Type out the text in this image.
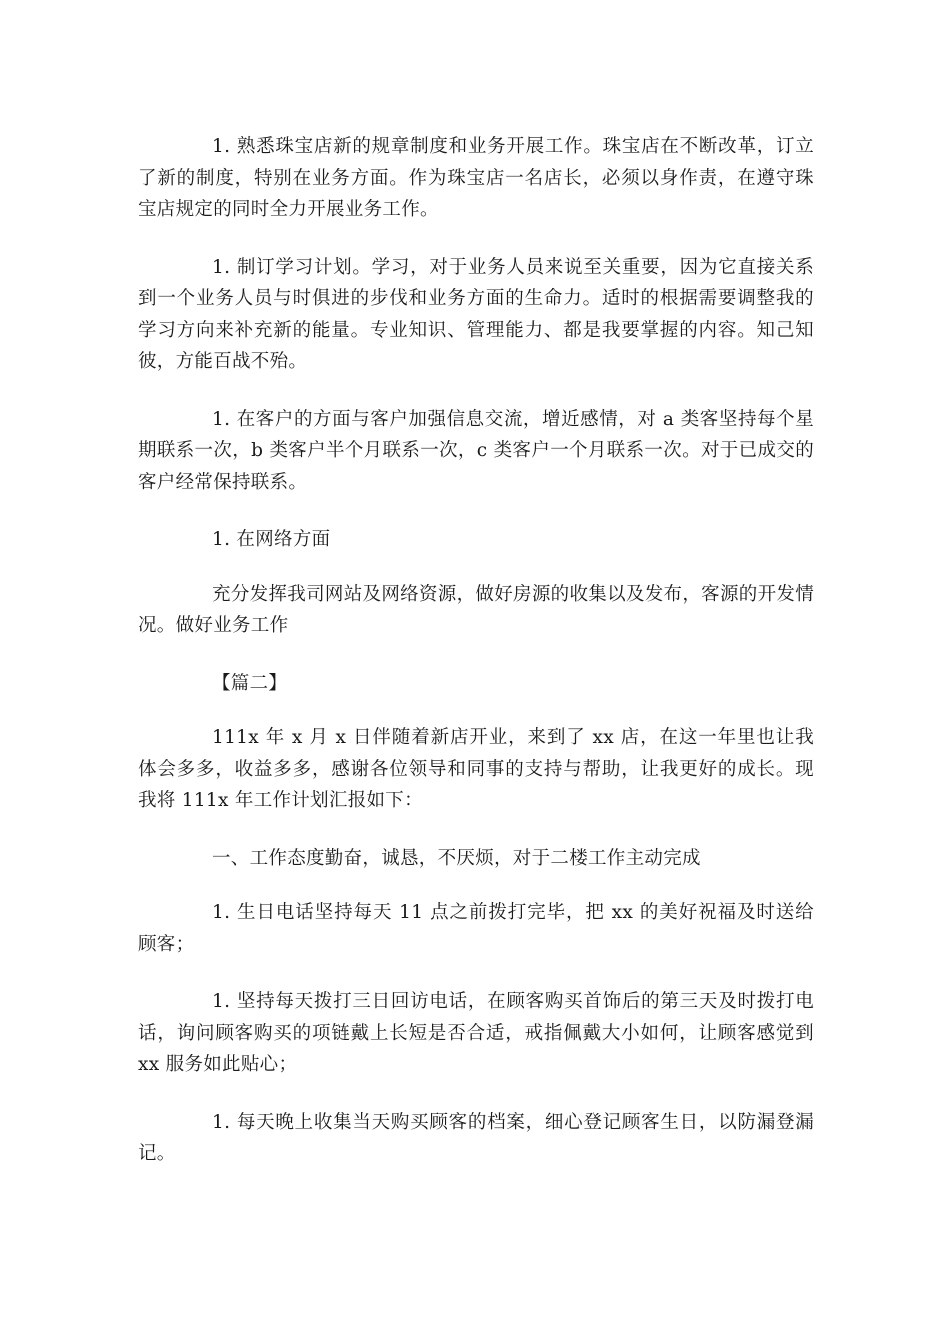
1. 熟悉珠宝店新的规章制度和业务开展工作。珠宝店在不断改革，订立了新的制度，特别在业务方面。作为珠宝店一名店长，必须以身作责，在遵守珠宝店规定的同时全力开展业务工作。

1. 制订学习计划。学习，对于业务人员来说至关重要，因为它直接关系到一个业务人员与时俱进的步伐和业务方面的生命力。适时的根据需要调整我的学习方向来补充新的能量。专业知识、管理能力、都是我要掌握的内容。知己知彼，方能百战不殆。

1. 在客户的方面与客户加强信息交流，增近感情，对 a 类客坚持每个星期联系一次，b 类客户半个月联系一次，c 类客户一个月联系一次。对于已成交的客户经常保持联系。

1. 在网络方面

充分发挥我司网站及网络资源，做好房源的收集以及发布，客源的开发情况。做好业务工作

【篇二】

111x 年 x 月 x 日伴随着新店开业，来到了 xx 店，在这一年里也让我体会多多，收益多多，感谢各位领导和同事的支持与帮助，让我更好的成长。现我将 111x 年工作计划汇报如下：

一、工作态度勤奋，诚恳，不厌烦，对于二楼工作主动完成

1. 生日电话坚持每天 11 点之前拨打完毕，把 xx 的美好祝福及时送给顾客；

1. 坚持每天拨打三日回访电话，在顾客购买首饰后的第三天及时拨打电话，询问顾客购买的项链戴上长短是否合适，戒指佩戴大小如何，让顾客感觉到 xx 服务如此贴心；

1. 每天晚上收集当天购买顾客的档案，细心登记顾客生日，以防漏登漏记。
